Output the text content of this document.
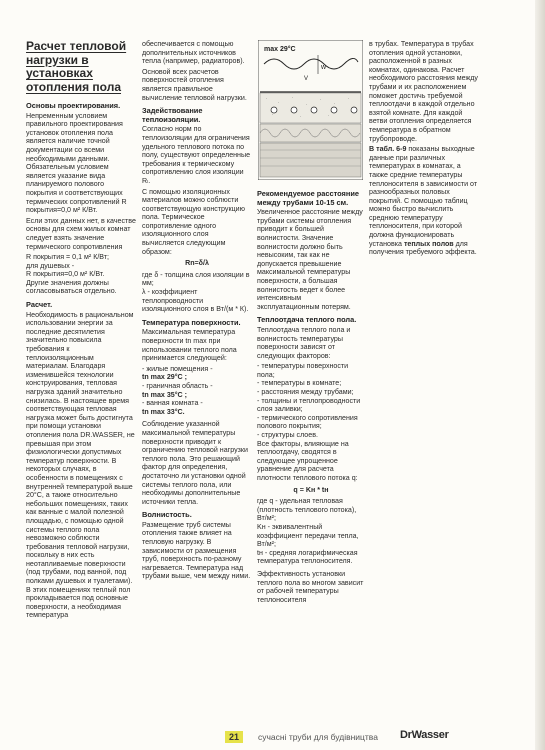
Расчет тепловой нагрузки в установках отопления пола
Основы проектирования.

Непременным условием правильного проектирования установок отопления пола является наличие точной документации со всеми необходимыми данными. Обязательным условием является указание вида планируемого полового покрытия и соответствующих термических сопротивлений R покрытия=0,0 м² К/Вт.

Если этих данных нет, в качестве основы для схем жилых комнат следует взять значение термического сопротивления

R покрытия = 0,1 м² К/Вт;

для душевых -

R покрытия=0,0 м² К/Вт.

Другие значения должны согласовываться отдельно.

Расчет.

Необходимость в рациональном использовании энергии за последние десятилетия значительно повысила требования к теплоизоляционным материалам. Благодаря изменившейся технологии конструирования, тепловая нагрузка зданий значительно снизилась. В настоящее время соответствующая тепловая нагрузка может быть достигнута при помощи установки отопления пола DR.WASSER, не превышая при этом физиологически допустимых температур поверхности. В некоторых случаях, в особенности в помещениях с внутренней температурой выше 20°С, а также относительно небольших помещениях, таких как ванные с малой полезной площадью, с помощью одной системы теплого пола невозможно соблюсти требования тепловой нагрузки, поскольку в них есть неотапливаемые поверхности (под трубами, под ванной, под полками душевых и туалетами). В этих помещениях теплый пол прокладывается под основные поверхности, а необходимая температура

обеспечивается с помощью дополнительных источников тепла (например, радиаторов).

Основой всех расчетов поверхностей отопления является правильное вычисление тепловой нагрузки.

Задействование теплоизоляции.

Согласно норм по теплоизоляции для ограничения удельного теплового потока по полу, существуют определенные требования к термическому сопротивлению слоя изоляции Rₗ.

С помощью изоляционных материалов можно соблюсти соответствующую конструкцию пола. Термическое сопротивление одного изоляционного слоя вычисляется следующим образом:

Rn=δ/λ

где δ - толщина слоя изоляции в мм;

λ - коэффициент теплопроводности изоляционного слоя в Вт/(м * К).

Температура поверхности.

Максимальная температура поверхности tn max при использовании теплого пола принимается следующей:

- жилые помещения -

tn max 29°C ;

- граничная область -

tn max 35°C ;

- ванная комната -

tn max 33°C.

Соблюдение указанной максимальной температуры поверхности приводит к ограничению тепловой нагрузки теплого пола. Это решающий фактор для определения, достаточно ли установки одной системы теплого пола, или необходимы дополнительные источники тепла.

Волнистость.

Размещение труб системы отопления также влияет на тепловую нагрузку. В зависимости от размещения труб, поверхность по-разному нагревается. Температура над трубами выше, чем между ними.

max 29°C
w
V
Рекомендуемое расстояние между трубами 10-15 см.

Увеличенное расстояние между трубами системы отопления приводит к большей волнистости. Значение волнистости должно быть невысоким, так как не допускается превышение максимальной температуры поверхности, а большая волнистость ведет к более интенсивным эксплуатационным потерям.

Теплоотдача теплого пола.

Теплоотдача теплого пола и волнистость температуры поверхности зависят от следующих факторов:

- температуры поверхности пола;

- температуры в комнате;

- расстояния между трубами;

- толщины и теплопроводности слоя заливки;

- термического сопротивления полового покрытия;

- структуры слоев.

Все факторы, влияющие на теплоотдачу, сводятся в следующее упрощенное уравнение для расчета плотности теплового потока q:

q = Kн * tн

где q - удельная тепловая (плотность теплового потока), Вт/м²;

Kн - эквивалентный коэффициент передачи тепла, Вт/м²;

tн - средняя логарифмическая температура теплоносителя.

Эффективность установки теплого пола во многом зависит от рабочей температуры теплоносителя

в трубах. Температура в трубах отопления одной установки, расположенной в разных комнатах, одинакова. Расчет необходимого расстояния между трубами и их расположением поможет достичь требуемой теплоотдачи в каждой отдельно взятой комнате. Для каждой ветви отопления определяется температура в обратном трубопроводе.

В табл. 6-9 показаны выходные данные при различных температурах в комнатах, а также средние температуры теплоносителя в зависимости от разнообразных половых покрытий. С помощью таблиц можно быстро вычислить среднюю температуру теплоносителя, при которой должна функционировать установка теплых полов для получения требуемого эффекта.

21	сучасні труби для будівництва DrWasser
